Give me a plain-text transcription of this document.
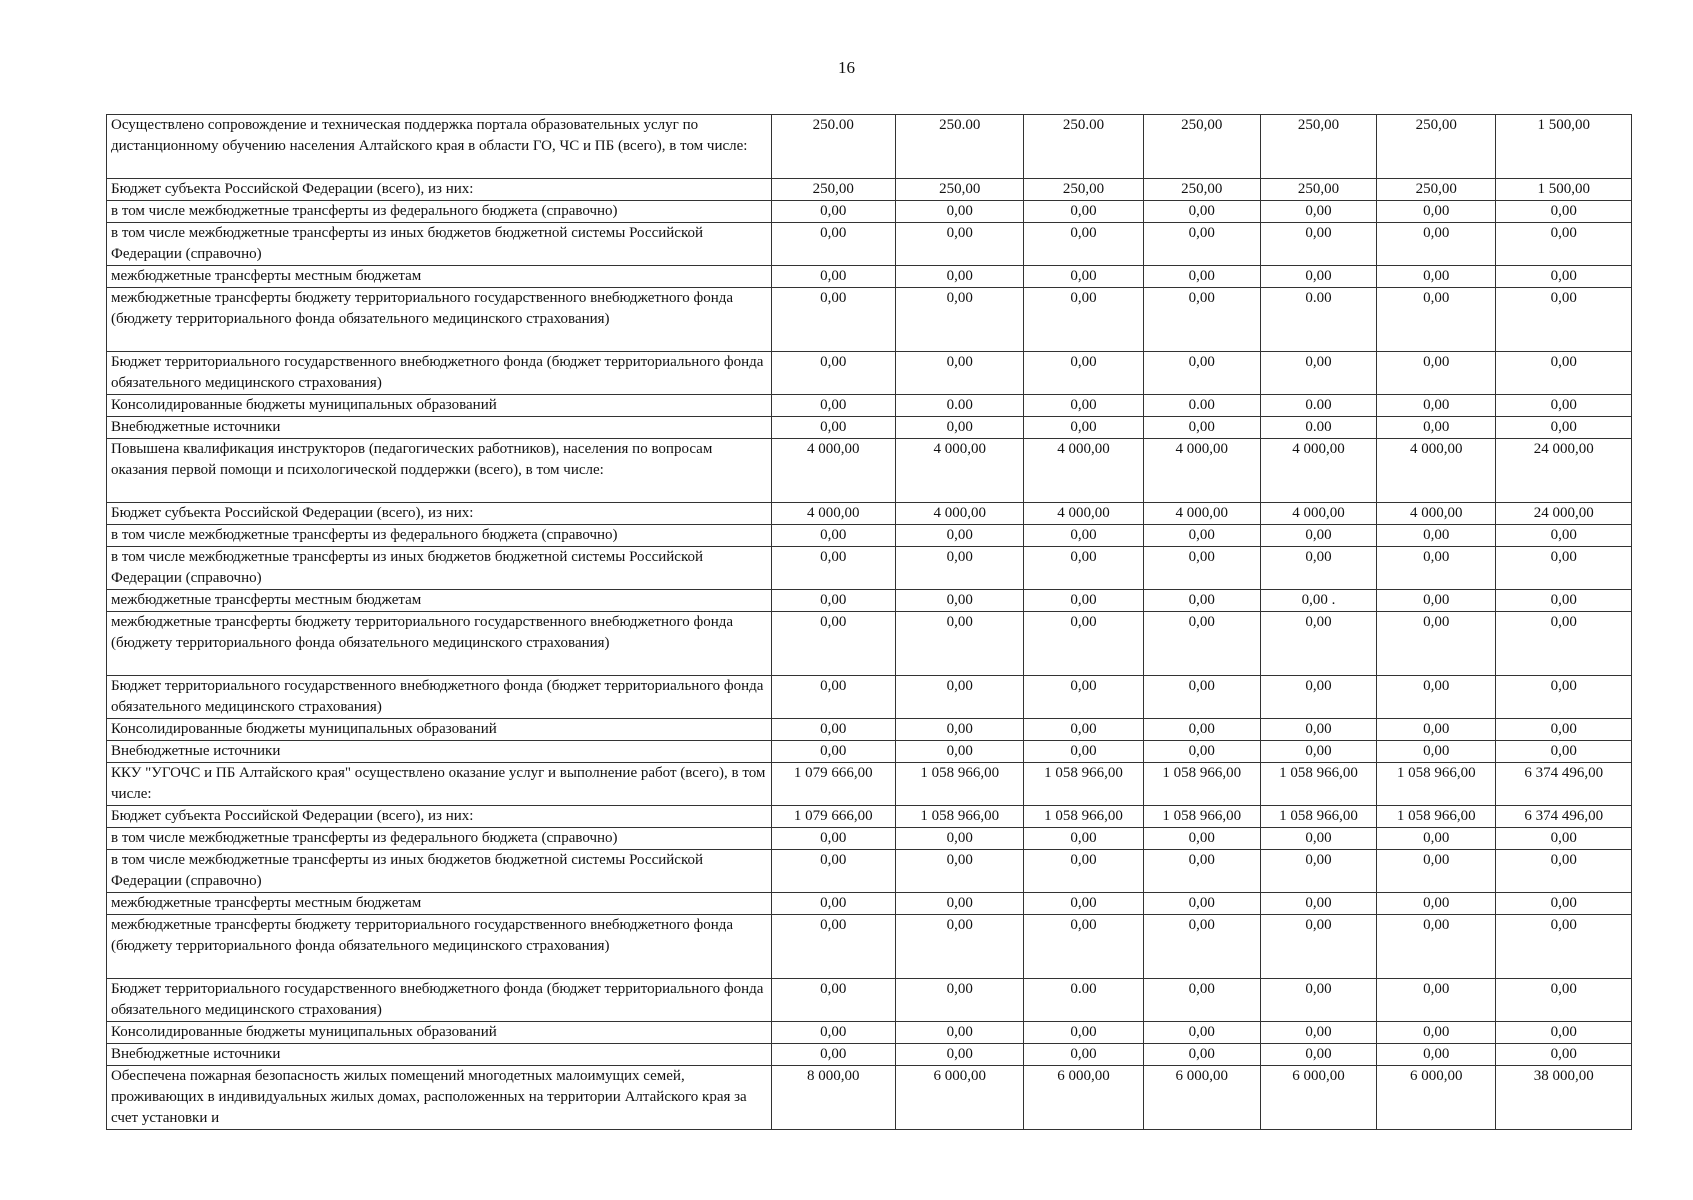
16
Осуществлено сопровождение и техническая поддержка портала образовательных услуг по дистанционному обучению населения Алтайского края в области ГО, ЧС и ПБ (всего), в том числе:	250.00	250.00	250.00	250,00	250,00	250,00	1 500,00
Бюджет субъекта Российской Федерации (всего), из них:	250,00	250,00	250,00	250,00	250,00	250,00	1 500,00
в том числе межбюджетные трансферты из федерального бюджета (справочно)	0,00	0,00	0,00	0,00	0,00	0,00	0,00
в том числе межбюджетные трансферты из иных бюджетов бюджетной системы Российской Федерации (справочно)	0,00	0,00	0,00	0,00	0,00	0,00	0,00
межбюджетные трансферты местным бюджетам	0,00	0,00	0,00	0,00	0,00	0,00	0,00
межбюджетные трансферты бюджету территориального государственного внебюджетного фонда (бюджету территориального фонда обязательного медицинского страхования)	0,00	0,00	0,00	0,00	0.00	0,00	0,00
Бюджет территориального государственного внебюджетного фонда (бюджет территориального фонда обязательного медицинского страхования)	0,00	0,00	0,00	0,00	0,00	0,00	0,00
Консолидированные бюджеты муниципальных образований	0,00	0.00	0,00	0.00	0.00	0,00	0,00
Внебюджетные источники	0,00	0,00	0,00	0,00	0.00	0,00	0,00
Повышена квалификация инструкторов (педагогических работников), населения по вопросам оказания первой помощи и психологической поддержки (всего), в том числе:	4 000,00	4 000,00	4 000,00	4 000,00	4 000,00	4 000,00	24 000,00
Бюджет субъекта Российской Федерации (всего), из них:	4 000,00	4 000,00	4 000,00	4 000,00	4 000,00	4 000,00	24 000,00
в том числе межбюджетные трансферты из федерального бюджета (справочно)	0,00	0,00	0,00	0,00	0,00	0,00	0,00
в том числе межбюджетные трансферты из иных бюджетов бюджетной системы Российской Федерации (справочно)	0,00	0,00	0,00	0,00	0,00	0,00	0,00
межбюджетные трансферты местным бюджетам	0,00	0,00	0,00	0,00	0,00 .	0,00	0,00
межбюджетные трансферты бюджету территориального государственного внебюджетного фонда (бюджету территориального фонда обязательного медицинского страхования)	0,00	0,00	0,00	0,00	0,00	0,00	0,00
Бюджет территориального государственного внебюджетного фонда (бюджет территориального фонда обязательного медицинского страхования)	0,00	0,00	0,00	0,00	0,00	0,00	0,00
Консолидированные бюджеты муниципальных образований	0,00	0,00	0,00	0,00	0,00	0,00	0,00
Внебюджетные источники	0,00	0,00	0,00	0,00	0,00	0,00	0,00
ККУ "УГОЧС и ПБ Алтайского края" осуществлено оказание услуг и выполнение работ (всего), в том числе:	1 079 666,00	1 058 966,00	1 058 966,00	1 058 966,00	1 058 966,00	1 058 966,00	6 374 496,00
Бюджет субъекта Российской Федерации (всего), из них:	1 079 666,00	1 058 966,00	1 058 966,00	1 058 966,00	1 058 966,00	1 058 966,00	6 374 496,00
в том числе межбюджетные трансферты из федерального бюджета (справочно)	0,00	0,00	0,00	0,00	0,00	0,00	0,00
в том числе межбюджетные трансферты из иных бюджетов бюджетной системы Российской Федерации (справочно)	0,00	0,00	0,00	0,00	0,00	0,00	0,00
межбюджетные трансферты местным бюджетам	0,00	0,00	0,00	0,00	0,00	0,00	0,00
межбюджетные трансферты бюджету территориального государственного внебюджетного фонда (бюджету территориального фонда обязательного медицинского страхования)	0,00	0,00	0,00	0,00	0,00	0,00	0,00
Бюджет территориального государственного внебюджетного фонда (бюджет территориального фонда обязательного медицинского страхования)	0,00	0,00	0.00	0,00	0,00	0,00	0,00
Консолидированные бюджеты муниципальных образований	0,00	0,00	0,00	0,00	0,00	0,00	0,00
Внебюджетные источники	0,00	0,00	0,00	0,00	0,00	0,00	0,00
Обеспечена пожарная безопасность жилых помещений многодетных малоимущих семей, проживающих в индивидуальных жилых домах, расположенных на территории Алтайского края за счет установки и	8 000,00	6 000,00	6 000,00	6 000,00	6 000,00	6 000,00	38 000,00
